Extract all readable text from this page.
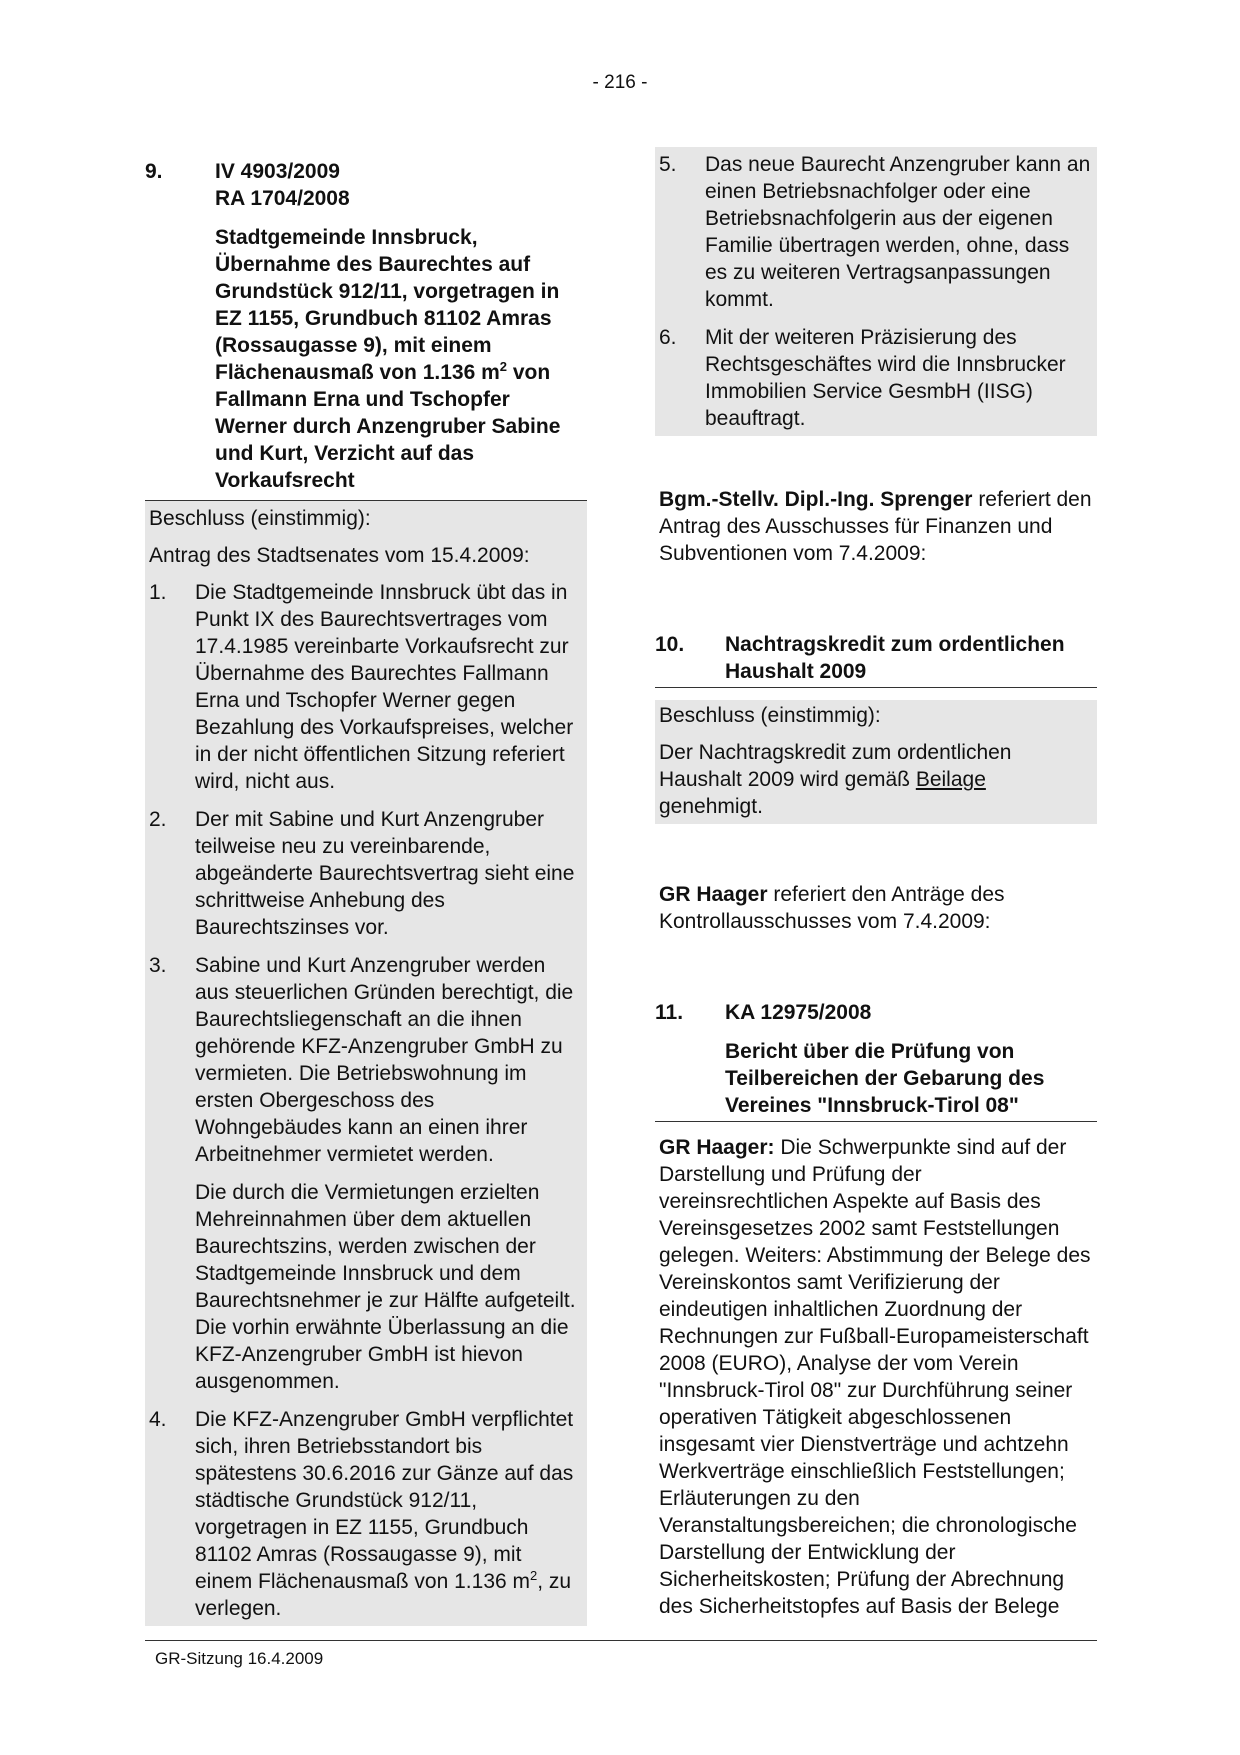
- 216 -
9.	IV 4903/2009
RA 1704/2008
Stadtgemeinde Innsbruck, Übernahme des Baurechtes auf Grundstück 912/11, vorgetragen in EZ 1155, Grundbuch 81102 Amras (Rossaugasse 9), mit einem Flächenausmaß von 1.136 $m^2$ von Fallmann Erna und Tschopfer Werner durch Anzengruber Sabine und Kurt, Verzicht auf das Vorkaufsrecht

Beschluss (einstimmig):

Antrag des Stadtsenates vom 15.4.2009:

1.	Die Stadtgemeinde Innsbruck übt das in Punkt IX des Baurechtsvertrages vom 17.4.1985 vereinbarte Vorkaufsrecht zur Übernahme des Baurechtes Fallmann Erna und Tschopfer Werner gegen Bezahlung des Vorkaufspreises, welcher in der nicht öffentlichen Sitzung referiert wird, nicht aus.

2.	Der mit Sabine und Kurt Anzengruber teilweise neu zu vereinbarende, abgeänderte Baurechtsvertrag sieht eine schrittweise Anhebung des Baurechtszinses vor.

3.	Sabine und Kurt Anzengruber werden aus steuerlichen Gründen berechtigt, die Baurechtsliegenschaft an die ihnen gehörende KFZ-Anzengruber GmbH zu vermieten. Die Betriebswohnung im ersten Obergeschoss des Wohngebäudes kann an einen ihrer Arbeitnehmer vermietet werden.

Die durch die Vermietungen erzielten Mehreinnahmen über dem aktuellen Baurechtszins, werden zwischen der Stadtgemeinde Innsbruck und dem Baurechtsnehmer je zur Hälfte aufgeteilt. Die vorhin erwähnte Überlassung an die KFZ-Anzengruber GmbH ist hievon ausgenommen.

4.	Die KFZ-Anzengruber GmbH verpflichtet sich, ihren Betriebsstandort bis spätestens 30.6.2016 zur Gänze auf das städtische Grundstück 912/11, vorgetragen in EZ 1155, Grundbuch 81102 Amras (Rossaugasse 9), mit einem Flächenausmaß von 1.136 $m^2$, zu verlegen.

5.	Das neue Baurecht Anzengruber kann an einen Betriebsnachfolger oder eine Betriebsnachfolgerin aus der eigenen Familie übertragen werden, ohne, dass es zu weiteren Vertragsanpassungen kommt.

6.	Mit der weiteren Präzisierung des Rechtsgeschäftes wird die Innsbrucker Immobilien Service GesmbH (IISG) beauftragt.

Bgm.-Stellv. Dipl.-Ing. Sprenger referiert den Antrag des Ausschusses für Finanzen und Subventionen vom 7.4.2009:

10.	Nachtragskredit zum ordentlichen Haushalt 2009

Beschluss (einstimmig):

Der Nachtragskredit zum ordentlichen Haushalt 2009 wird gemäß Beilage genehmigt.

GR Haager referiert den Anträge des Kontrollausschusses vom 7.4.2009:

11.	KA 12975/2008
Bericht über die Prüfung von Teilbereichen der Gebarung des Vereines "Innsbruck-Tirol 08"

GR Haager: Die Schwerpunkte sind auf der Darstellung und Prüfung der vereinsrechtlichen Aspekte auf Basis des Vereinsgesetzes 2002 samt Feststellungen gelegen. Weiters: Abstimmung der Belege des Vereinskontos samt Verifizierung der eindeutigen inhaltlichen Zuordnung der Rechnungen zur Fußball-Europameisterschaft 2008 (EURO), Analyse der vom Verein "Innsbruck-Tirol 08" zur Durchführung seiner operativen Tätigkeit abgeschlossenen insgesamt vier Dienstverträge und achtzehn Werkverträge einschließlich Feststellungen; Erläuterungen zu den Veranstaltungsbereichen; die chronologische Darstellung der Entwicklung der Sicherheitskosten; Prüfung der Abrechnung des Sicherheitstopfes auf Basis der Belege

GR-Sitzung 16.4.2009
